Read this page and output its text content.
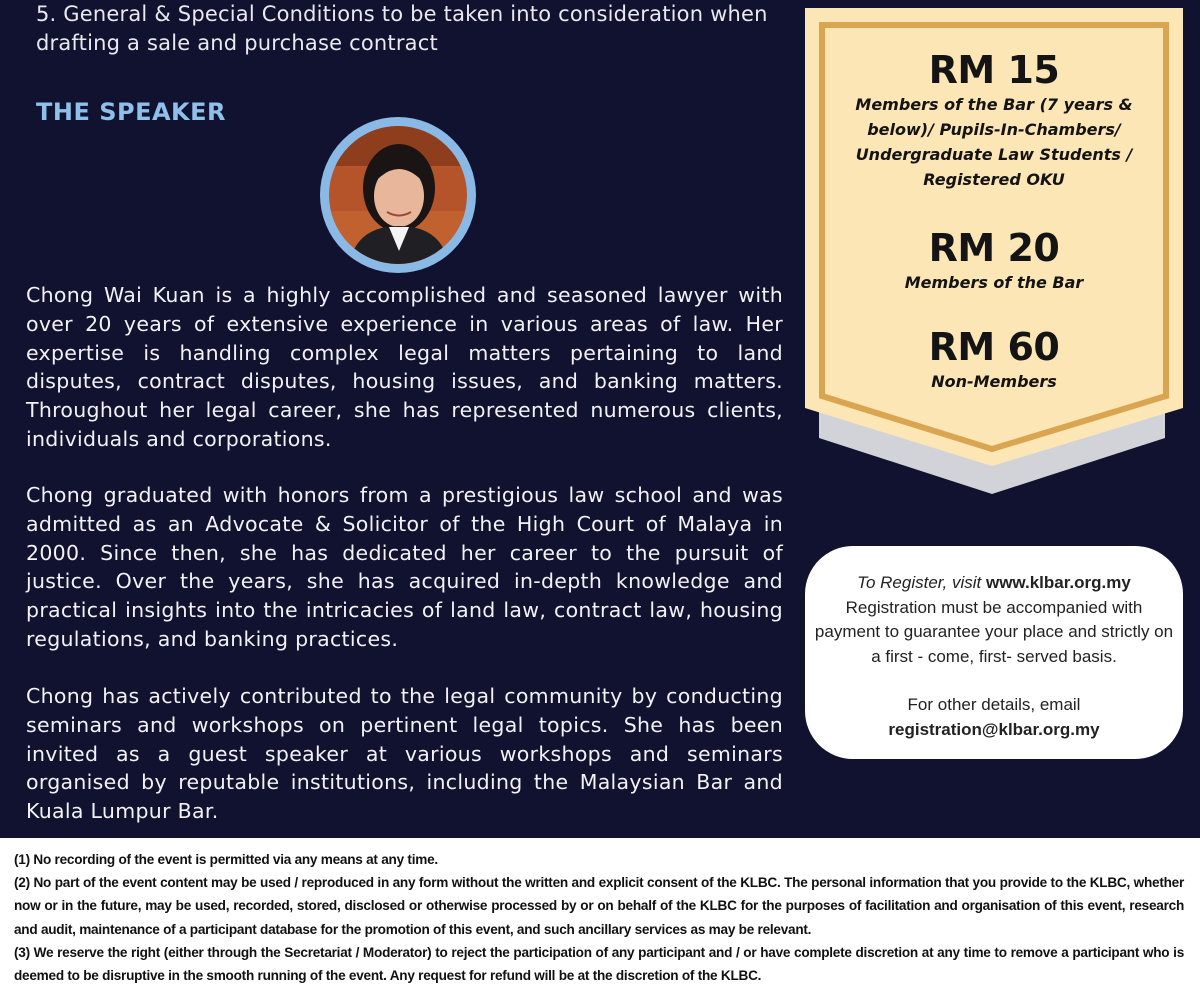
5. General & Special Conditions to be taken into consideration when drafting a sale and purchase contract
THE SPEAKER
Chong Wai Kuan is a highly accomplished and seasoned lawyer with over 20 years of extensive experience in various areas of law. Her expertise is handling complex legal matters pertaining to land disputes, contract disputes, housing issues, and banking matters. Throughout her legal career, she has represented numerous clients, individuals and corporations.
Chong graduated with honors from a prestigious law school and was admitted as an Advocate & Solicitor of the High Court of Malaya in 2000. Since then, she has dedicated her career to the pursuit of justice. Over the years, she has acquired in-depth knowledge and practical insights into the intricacies of land law, contract law, housing regulations, and banking practices.
Chong has actively contributed to the legal community by conducting seminars and workshops on pertinent legal topics. She has been invited as a guest speaker at various workshops and seminars organised by reputable institutions, including the Malaysian Bar and Kuala Lumpur Bar.
RM 15
Members of the Bar (7 years & below)/ Pupils-In-Chambers/ Undergraduate Law Students / Registered OKU
RM 20
Members of the Bar
RM 60
Non-Members
To Register, visit www.klbar.org.my
Registration must be accompanied with payment to guarantee your place and strictly on a first - come, first- served basis.
For other details, email
registration@klbar.org.my

(1) No recording of the event is permitted via any means at any time.

(2) No part of the event content may be used / reproduced in any form without the written and explicit consent of the KLBC. The personal information that you provide to the KLBC, whether now or in the future, may be used, recorded, stored, disclosed or otherwise processed by or on behalf of the KLBC for the purposes of facilitation and organisation of this event, research and audit, maintenance of a participant database for the promotion of this event, and such ancillary services as may be relevant.

(3) We reserve the right (either through the Secretariat / Moderator) to reject the participation of any participant and / or have complete discretion at any time to remove a participant who is deemed to be disruptive in the smooth running of the event. Any request for refund will be at the discretion of the KLBC.
